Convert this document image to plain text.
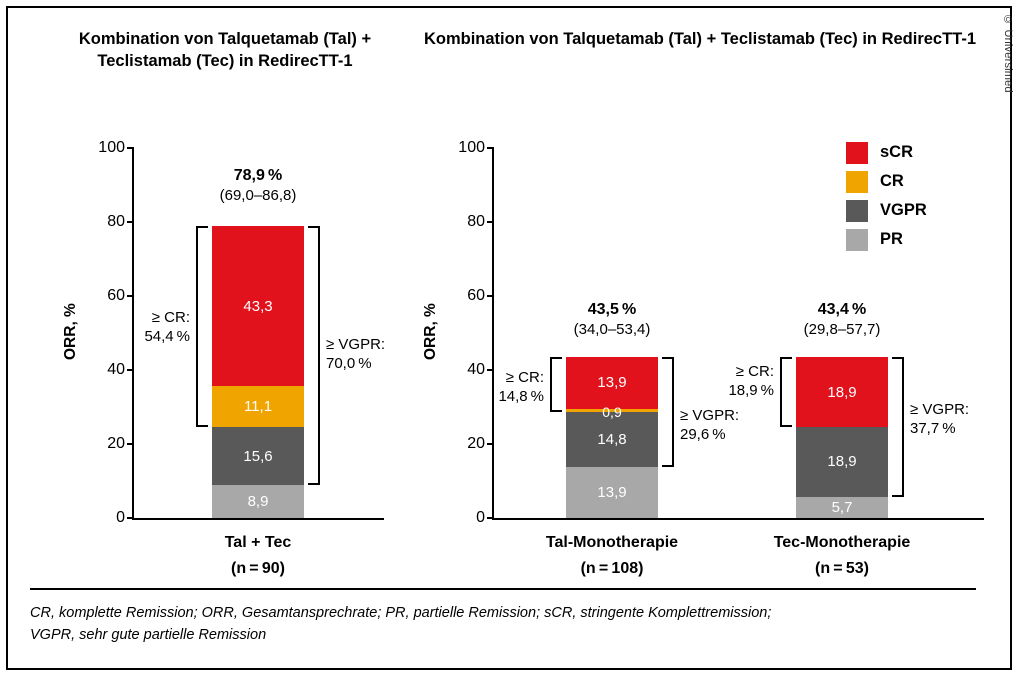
© Universimed
Kombination von Talquetamab (Tal) + Teclistamab (Tec) in RedirecTT-1
Kombination von Talquetamab (Tal) + Teclistamab (Tec) in RedirecTT-1
ORR, %
100
80
60
40
20
0
43,3
11,1
15,6
8,9
78,9 %
(69,0–86,8)
≥ VGPR:
70,0 %
≥ CR:
54,4 %
Tal + Tec
(n = 90)
ORR, %
100
80
60
40
20
0
13,9
14,8
13,9
0,9
43,5 %
(34,0–53,4)
≥ VGPR:
29,6 %
≥ CR:
14,8 %
Tal-Monotherapie
(n = 108)
18,9
18,9
5,7
43,4 %
(29,8–57,7)
≥ VGPR:
37,7 %
≥ CR:
18,9 %
Tec-Monotherapie
(n = 53)
sCR
CR
VGPR
PR
CR, komplette Remission; ORR, Gesamtansprechrate; PR, partielle Remission; sCR, stringente Komplettremission;
VGPR, sehr gute partielle Remission
